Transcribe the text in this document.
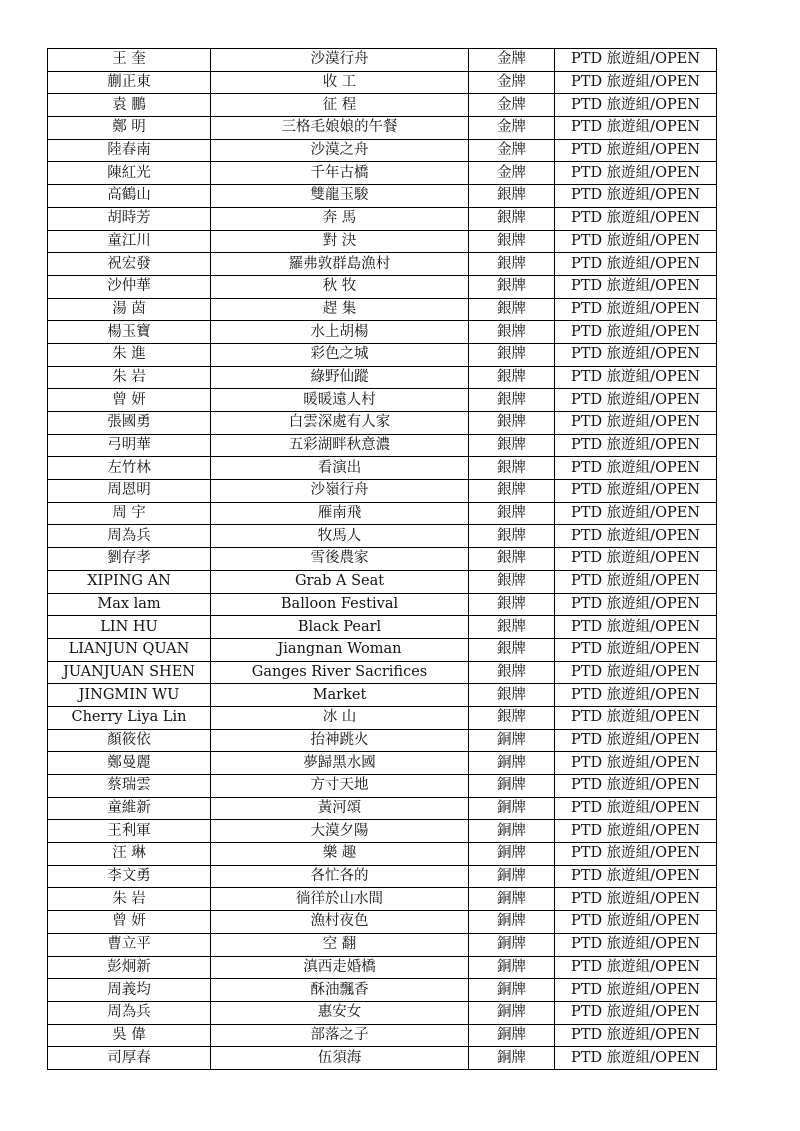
王 奎	沙漠行舟	金牌	PTD 旅遊組/OPEN
蒯正東	收 工	金牌	PTD 旅遊組/OPEN
袁 鵬	征 程	金牌	PTD 旅遊組/OPEN
鄭 明	三格毛娘娘的午餐	金牌	PTD 旅遊組/OPEN
陸春南	沙漠之舟	金牌	PTD 旅遊組/OPEN
陳紅光	千年古橋	金牌	PTD 旅遊組/OPEN
高鶴山	雙龍玉駿	銀牌	PTD 旅遊組/OPEN
胡時芳	奔 馬	銀牌	PTD 旅遊組/OPEN
童江川	對 決	銀牌	PTD 旅遊組/OPEN
祝宏發	羅弗敦群島漁村	銀牌	PTD 旅遊組/OPEN
沙仲華	秋 牧	銀牌	PTD 旅遊組/OPEN
湯 茵	趕 集	銀牌	PTD 旅遊組/OPEN
楊玉寶	水上胡楊	銀牌	PTD 旅遊組/OPEN
朱 進	彩色之城	銀牌	PTD 旅遊組/OPEN
朱 岩	綠野仙蹤	銀牌	PTD 旅遊組/OPEN
曾 妍	暖暖遠人村	銀牌	PTD 旅遊組/OPEN
張國勇	白雲深處有人家	銀牌	PTD 旅遊組/OPEN
弓明華	五彩湖畔秋意濃	銀牌	PTD 旅遊組/OPEN
左竹林	看演出	銀牌	PTD 旅遊組/OPEN
周恩明	沙嶺行舟	銀牌	PTD 旅遊組/OPEN
周 宇	雁南飛	銀牌	PTD 旅遊組/OPEN
周為兵	牧馬人	銀牌	PTD 旅遊組/OPEN
劉存孝	雪後農家	銀牌	PTD 旅遊組/OPEN
XIPING AN	Grab A Seat	銀牌	PTD 旅遊組/OPEN
Max lam	Balloon Festival	銀牌	PTD 旅遊組/OPEN
LIN HU	Black Pearl	銀牌	PTD 旅遊組/OPEN
LIANJUN QUAN	Jiangnan Woman	銀牌	PTD 旅遊組/OPEN
JUANJUAN SHEN	Ganges River Sacrifices	銀牌	PTD 旅遊組/OPEN
JINGMIN WU	Market	銀牌	PTD 旅遊組/OPEN
Cherry Liya Lin	冰 山	銀牌	PTD 旅遊組/OPEN
顏筱依	抬神跳火	銅牌	PTD 旅遊組/OPEN
鄭曼麗	夢歸黑水國	銅牌	PTD 旅遊組/OPEN
蔡瑞雲	方寸天地	銅牌	PTD 旅遊組/OPEN
童維新	黃河頌	銅牌	PTD 旅遊組/OPEN
王利軍	大漠夕陽	銅牌	PTD 旅遊組/OPEN
汪 琳	樂 趣	銅牌	PTD 旅遊組/OPEN
李文勇	各忙各的	銅牌	PTD 旅遊組/OPEN
朱 岩	徜徉於山水間	銅牌	PTD 旅遊組/OPEN
曾 妍	漁村夜色	銅牌	PTD 旅遊組/OPEN
曹立平	空 翻	銅牌	PTD 旅遊組/OPEN
彭炯新	滇西走婚橋	銅牌	PTD 旅遊組/OPEN
周義均	酥油飄香	銅牌	PTD 旅遊組/OPEN
周為兵	惠安女	銅牌	PTD 旅遊組/OPEN
吳 偉	部落之子	銅牌	PTD 旅遊組/OPEN
司厚春	伍須海	銅牌	PTD 旅遊組/OPEN
